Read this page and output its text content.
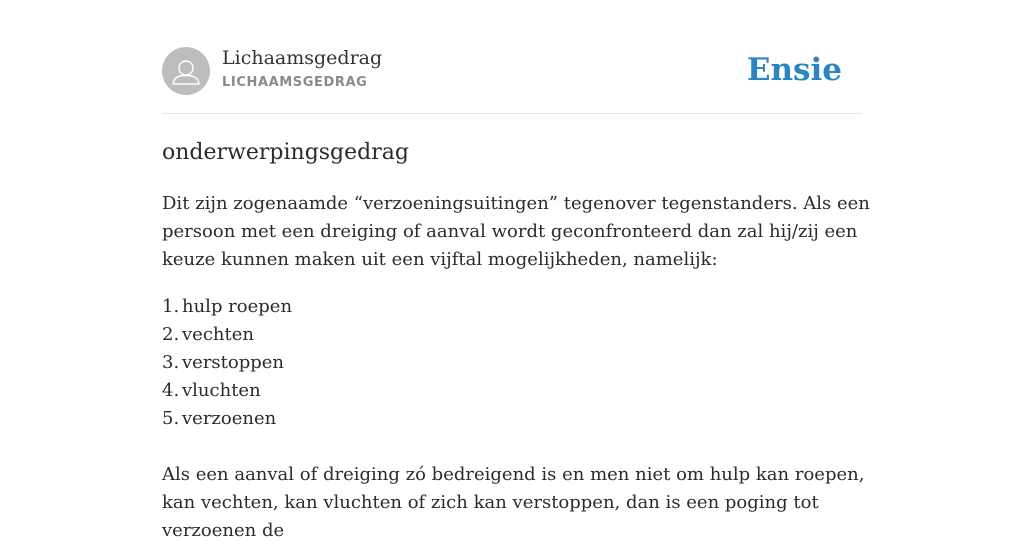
Lichaamsgedrag
LICHAAMSGEDRAG	Ensie
onderwerpingsgedrag

Dit zijn zogenaamde “verzoeningsuitingen” tegenover tegenstanders. Als een persoon met een dreiging of aanval wordt geconfronteerd dan zal hij/zij een keuze kunnen maken uit een vijftal mogelijkheden, namelijk:

1. hulp roepen
2. vechten
3. verstoppen
4. vluchten
5. verzoenen

Als een aanval of dreiging zó bedreigend is en men niet om hulp kan roepen, kan vechten, kan vluchten of zich kan verstoppen, dan is een poging tot verzoenen de
